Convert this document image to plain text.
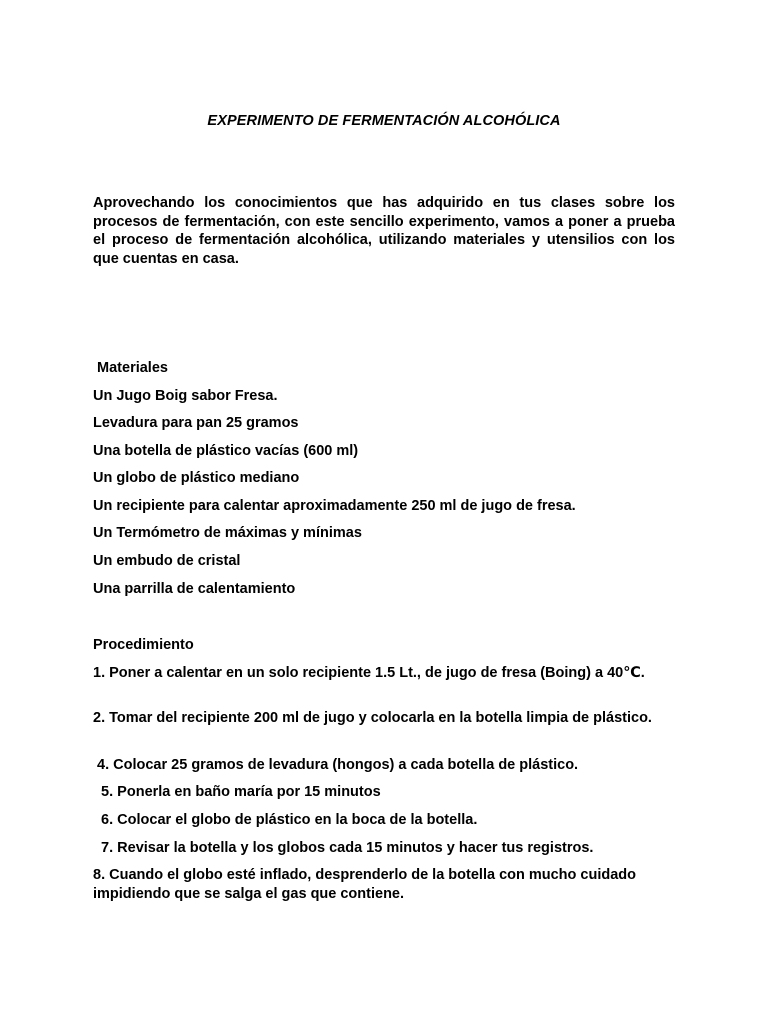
EXPERIMENTO DE FERMENTACIÓN ALCOHÓLICA

Aprovechando los conocimientos que has adquirido en tus clases sobre los procesos de fermentación, con este sencillo experimento, vamos a poner a prueba el proceso de fermentación alcohólica, utilizando materiales y utensilios con los que cuentas en casa.

Materiales

Un Jugo Boig sabor Fresa.

Levadura para pan 25 gramos

Una botella de plástico vacías (600 ml)

Un globo de plástico mediano

Un recipiente para calentar aproximadamente 250 ml de jugo de fresa.

Un Termómetro de máximas y mínimas

Un embudo de cristal

Una parrilla de calentamiento

Procedimiento

1. Poner a calentar en un solo recipiente 1.5 Lt., de jugo de fresa (Boing) a 40℃.

2. Tomar del recipiente 200 ml de jugo y colocarla en la botella limpia de plástico.

4. Colocar 25 gramos de levadura (hongos) a cada botella de plástico.

5. Ponerla en baño maría por 15 minutos

6. Colocar el globo de plástico en la boca de la botella.

7. Revisar la botella y los globos cada 15 minutos y hacer tus registros.

8. Cuando el globo esté inflado, desprenderlo de la botella con mucho cuidado impidiendo que se salga el gas que contiene.
